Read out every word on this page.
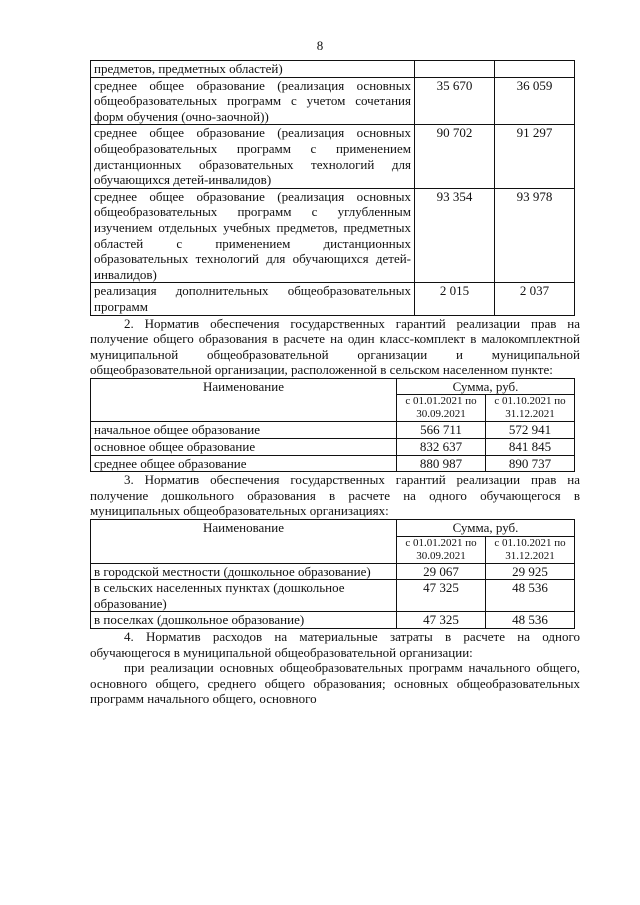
8
предметов, предметных областей)		
среднее общее образование (реализация основных общеобразовательных программ с учетом сочетания форм обучения (очно-заочной))	35 670	36 059
среднее общее образование (реализация основных общеобразовательных программ с применением дистанционных образовательных технологий для обучающихся детей-инвалидов)	90 702	91 297
среднее общее образование (реализация основных общеобразовательных программ с углубленным изучением отдельных учебных предметов, предметных областей с применением дистанционных образовательных технологий для обучающихся детей-инвалидов)	93 354	93 978
реализация дополнительных общеобразовательных программ	2 015	2 037

2. Норматив обеспечения государственных гарантий реализации прав на получение общего образования в расчете на один класс-комплект в малокомплектной муниципальной общеобразовательной организации и муниципальной общеобразовательной организации, расположенной в сельском населенном пункте:

Наименование	Сумма, руб.	
	с 01.01.2021 по 30.09.2021	с 01.10.2021 по 31.12.2021
начальное общее образование	566 711	572 941
основное общее образование	832 637	841 845
среднее общее образование	880 987	890 737

3. Норматив обеспечения государственных гарантий реализации прав на получение дошкольного образования в расчете на одного обучающегося в муниципальных общеобразовательных организациях:

Наименование	Сумма, руб.	
	с 01.01.2021 по 30.09.2021	с 01.10.2021 по 31.12.2021
в городской местности (дошкольное образование)	29 067	29 925
в сельских населенных пунктах (дошкольное образование)	47 325	48 536
в поселках (дошкольное образование)	47 325	48 536

4. Норматив расходов на материальные затраты в расчете на одного обучающегося в муниципальной общеобразовательной организации:

при реализации основных общеобразовательных программ начального общего, основного общего, среднего общего образования; основных общеобразовательных программ начального общего, основного
